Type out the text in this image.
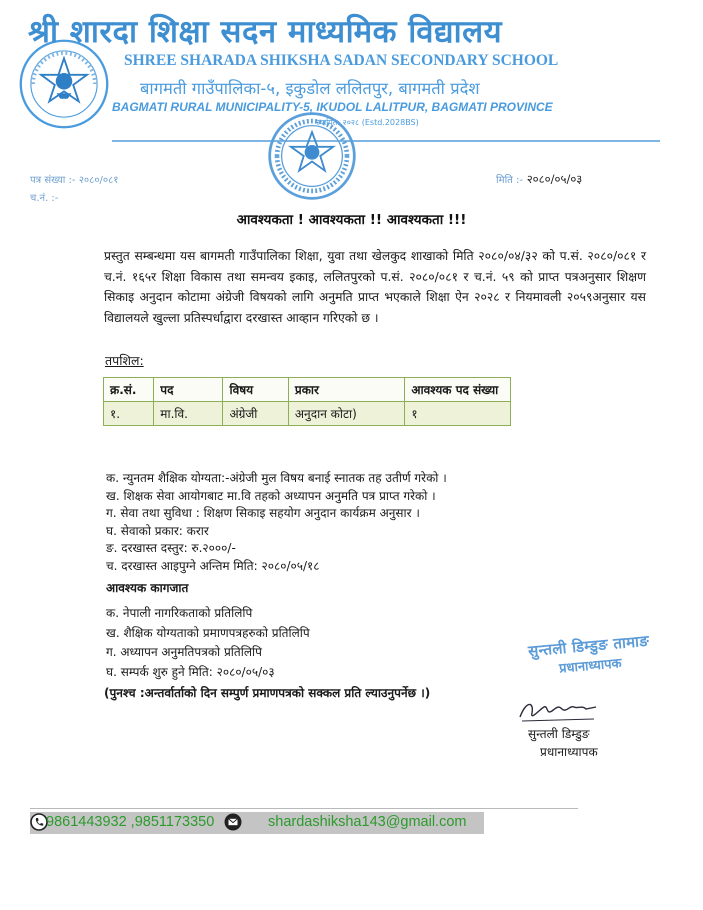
श्री शारदा शिक्षा सदन माध्यमिक विद्यालय
SHREE SHARADA SHIKSHA SADAN SECONDARY SCHOOL
बागमती गाउँपालिका-५, इकुडोल ललितपुर, बागमती प्रदेश
BAGMATI RURAL MUNICIPALITY-5, IKUDOL LALITPUR, BAGMATI PROVINCE
स्थापित: २०२८ (Estd.2028BS)
पत्र संख्या :- २०८०/०८१
च.नं. :-
मिति :- २०८०/०५/०३
आवश्यकता ! आवश्यकता !! आवश्यकता !!!
प्रस्तुत सम्बन्धमा यस बागमती गाउँपालिका शिक्षा, युवा तथा खेलकुद शाखाको मिति २०८०/०४/३२ को प.सं. २०८०/०८१ र च.नं. १६५र शिक्षा विकास तथा समन्वय इकाइ, ललितपुरको प.सं. २०८०/०८१ र च.नं. ५९ को प्राप्त पत्रअनुसार शिक्षण सिकाइ अनुदान कोटामा अंग्रेजी विषयको लागि अनुमति प्राप्त भएकाले शिक्षा ऐन २०२८ र नियमावली २०५९अनुसार यस विद्यालयले खुल्ला प्रतिस्पर्धाद्वारा दरखास्त आव्हान गरिएको छ ।
तपशिल:
क्र.सं.	पद	विषय	प्रकार	आवश्यक पद संख्या
१.	मा.वि.	अंग्रेजी	अनुदान कोटा)	१
क. न्युनतम शैक्षिक योग्यता:-अंग्रेजी मुल विषय बनाई स्नातक तह उतीर्ण गरेको ।
ख. शिक्षक सेवा आयोगबाट मा.वि तहको अध्यापन अनुमति पत्र प्राप्त गरेको ।
ग. सेवा तथा सुविधा : शिक्षण सिकाइ सहयोग अनुदान कार्यक्रम अनुसार ।
घ. सेवाको प्रकार: करार
ङ. दरखास्त दस्तुर: रु.२०००/-
च. दरखास्त आइपुग्ने अन्तिम मिति: २०८०/०५/१८
आवश्यक कागजात
क. नेपाली नागरिकताको प्रतिलिपि
ख. शैक्षिक योग्यताको प्रमाणपत्रहरुको प्रतिलिपि
ग. अध्यापन अनुमतिपत्रको प्रतिलिपि
घ. सम्पर्क शुरु हुने मिति: २०८०/०५/०३
(पुनश्च :अन्तर्वार्ताको दिन सम्पुर्ण प्रमाणपत्रको सक्कल प्रति ल्याउनुपर्नेछ ।)
सुन्तली डिम्डुङ तामाङ
प्रधानाध्यापक
सुन्तली डिम्डुङ
प्रधानाध्यापक
9861443932 ,9851173350	shardashiksha143@gmail.com
